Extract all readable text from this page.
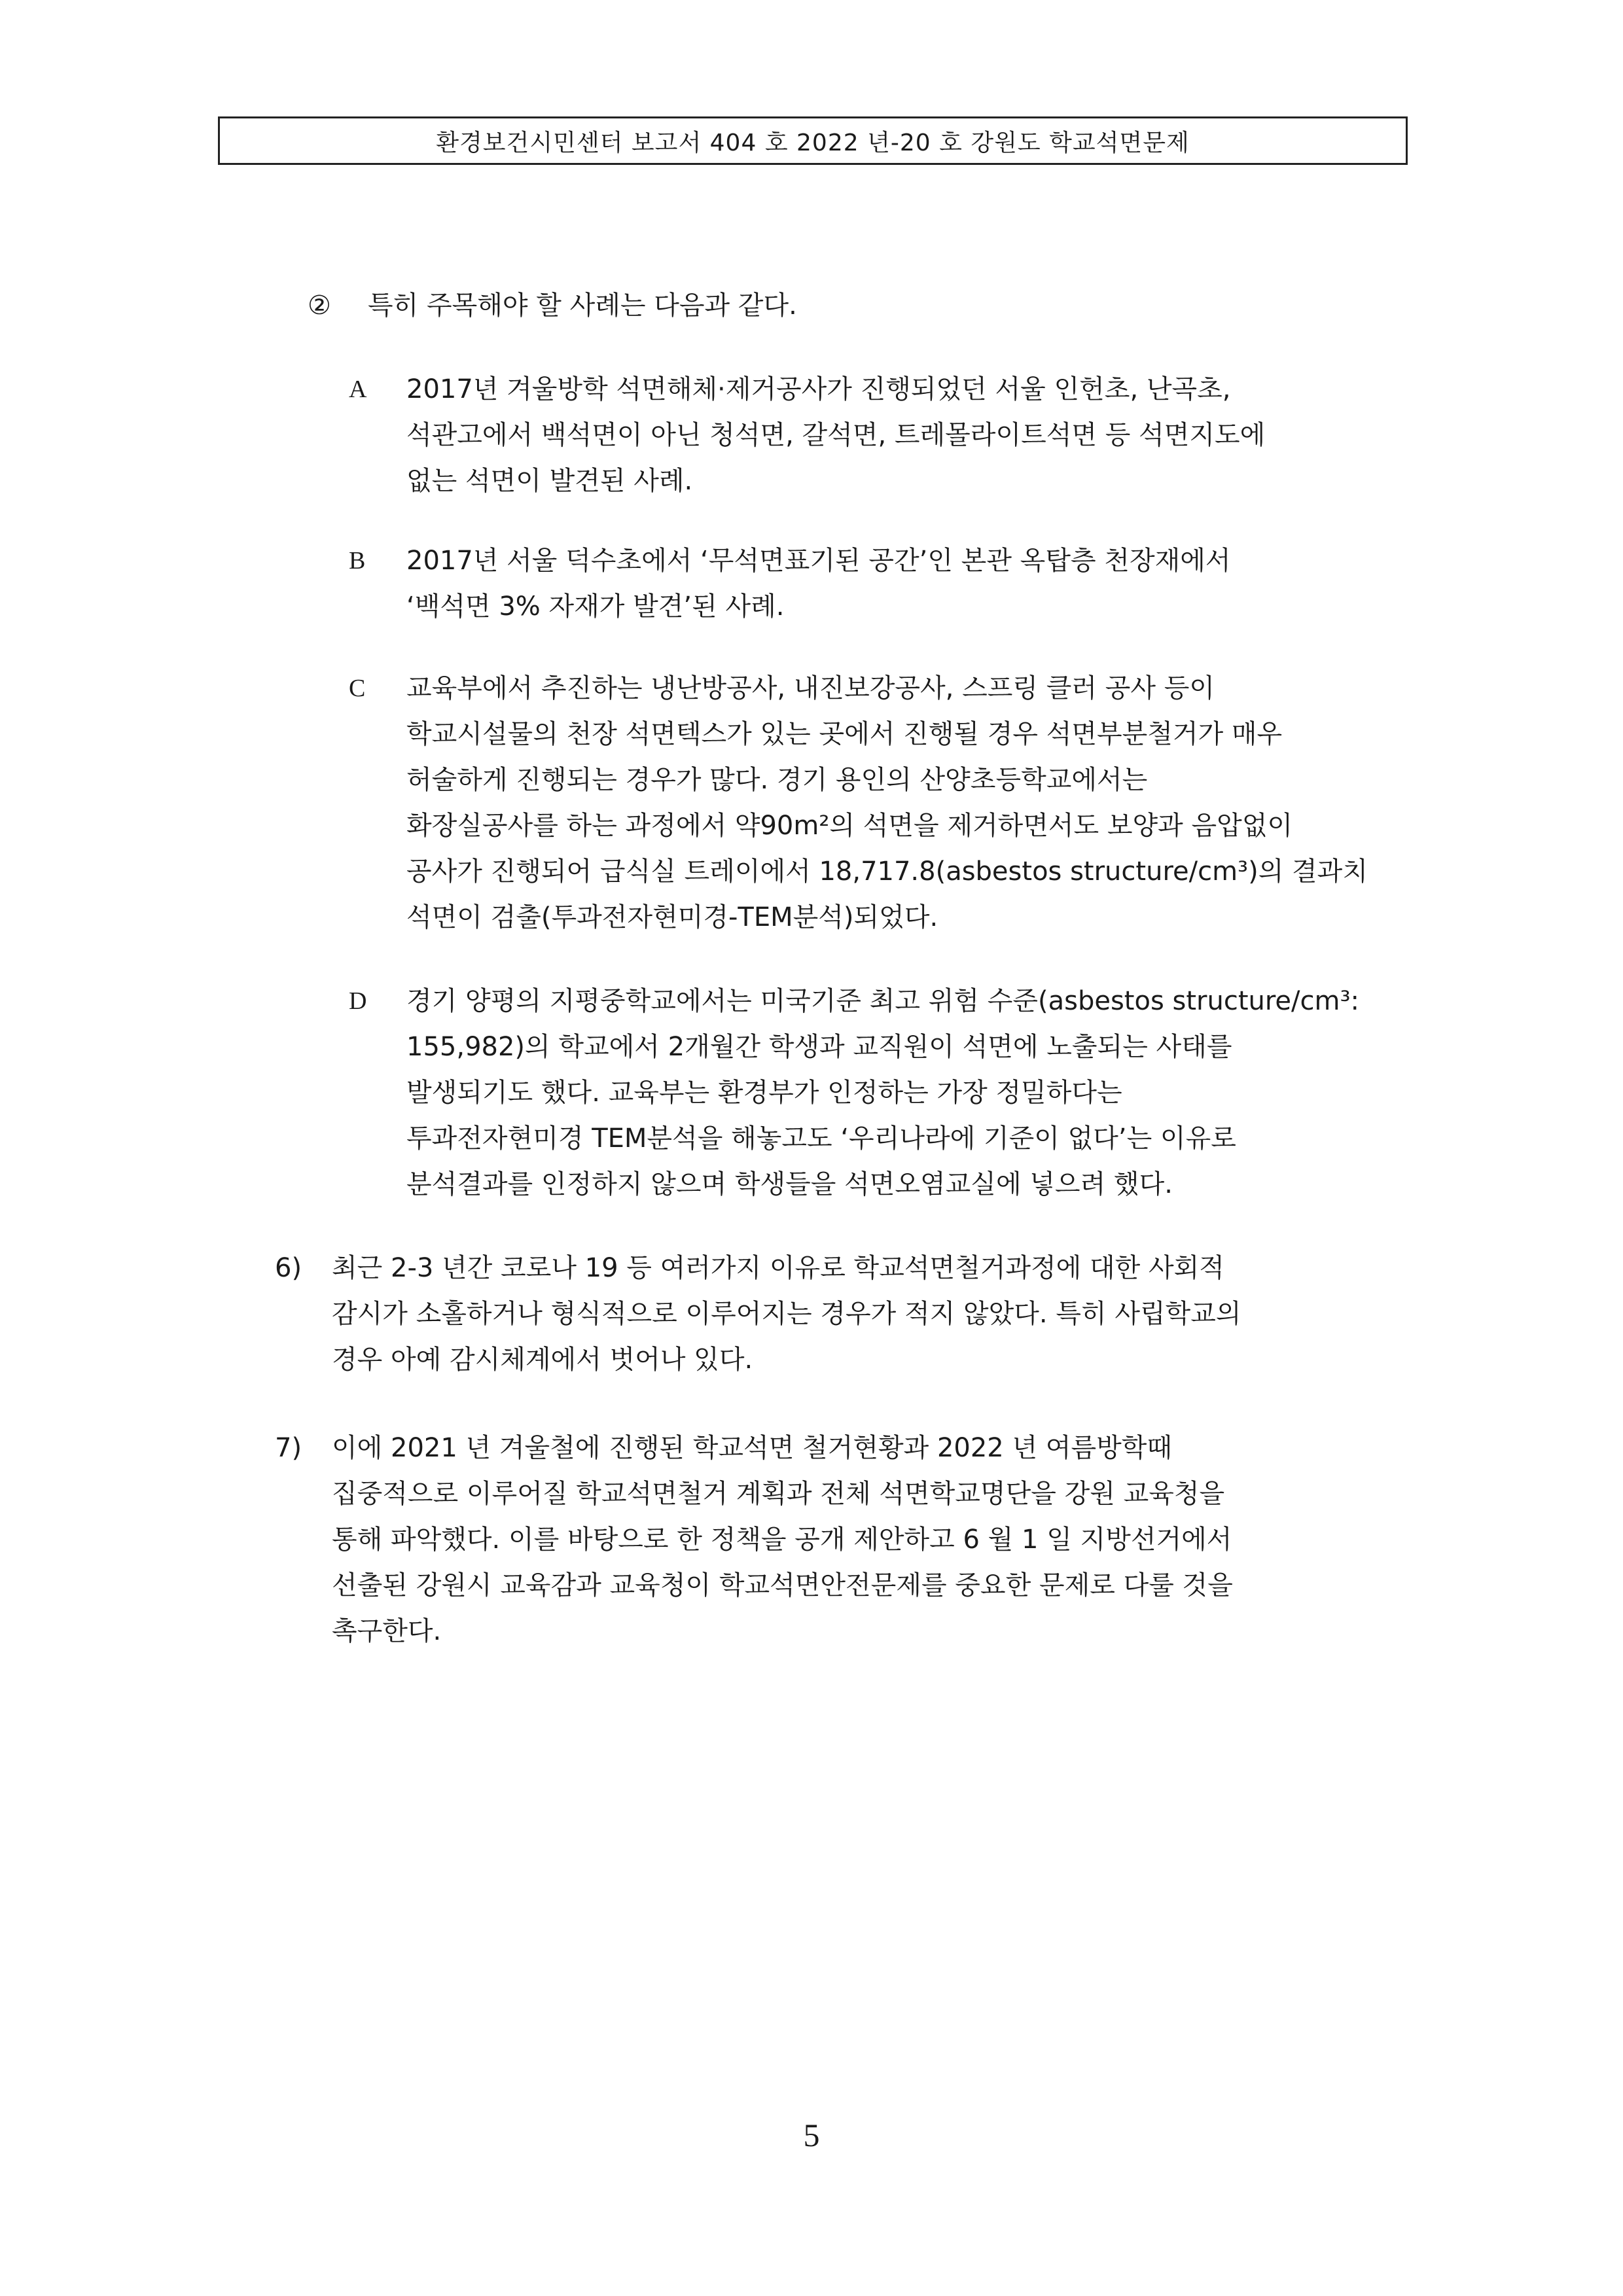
환경보건시민센터 보고서 404 호 2022 년-20 호 강원도 학교석면문제
② 특히 주목해야 할 사례는 다음과 같다.
A 2017년 겨울방학 석면해체·제거공사가 진행되었던 서울 인헌초, 난곡초,
석관고에서 백석면이 아닌 청석면, 갈석면, 트레몰라이트석면 등 석면지도에
없는 석면이 발견된 사례.
B 2017년 서울 덕수초에서 ‘무석면표기된 공간’인 본관 옥탑층 천장재에서
‘백석면 3% 자재가 발견’된 사례.
C 교육부에서 추진하는 냉난방공사, 내진보강공사, 스프링 클러 공사 등이
학교시설물의 천장 석면텍스가 있는 곳에서 진행될 경우 석면부분철거가 매우
허술하게 진행되는 경우가 많다. 경기 용인의 산양초등학교에서는
화장실공사를 하는 과정에서 약90m²의 석면을 제거하면서도 보양과 음압없이
공사가 진행되어 급식실 트레이에서 18,717.8(asbestos structure/cm³)의 결과치
석면이 검출(투과전자현미경-TEM분석)되었다.
D 경기 양평의 지평중학교에서는 미국기준 최고 위험 수준(asbestos structure/cm³:
155,982)의 학교에서 2개월간 학생과 교직원이 석면에 노출되는 사태를
발생되기도 했다. 교육부는 환경부가 인정하는 가장 정밀하다는
투과전자현미경 TEM분석을 해놓고도 ‘우리나라에 기준이 없다’는 이유로
분석결과를 인정하지 않으며 학생들을 석면오염교실에 넣으려 했다.
6) 최근 2-3 년간 코로나 19 등 여러가지 이유로 학교석면철거과정에 대한 사회적
감시가 소홀하거나 형식적으로 이루어지는 경우가 적지 않았다. 특히 사립학교의
경우 아예 감시체계에서 벗어나 있다.
7) 이에 2021 년 겨울철에 진행된 학교석면 철거현황과 2022 년 여름방학때
집중적으로 이루어질 학교석면철거 계획과 전체 석면학교명단을 강원 교육청을
통해 파악했다. 이를 바탕으로 한 정책을 공개 제안하고 6 월 1 일 지방선거에서
선출된 강원시 교육감과 교육청이 학교석면안전문제를 중요한 문제로 다룰 것을
촉구한다.
5
